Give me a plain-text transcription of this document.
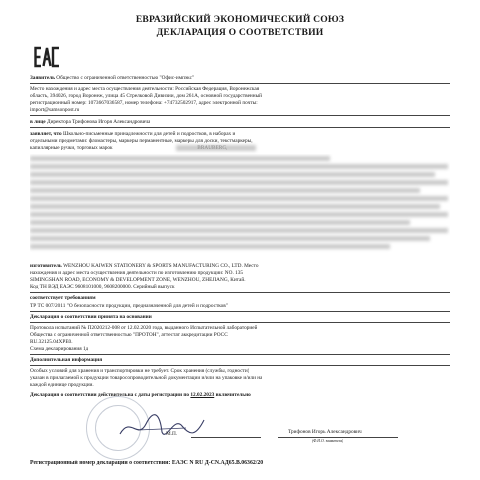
ЕВРАЗИЙСКИЙ ЭКОНОМИЧЕСКИЙ СОЮЗ
ДЕКЛАРАЦИЯ О СООТВЕТСТВИИ
Заявитель Общество с ограниченной ответственностью "Офис-импэкс"
Место нахождения и адрес места осуществления деятельности: Российская Федерация, Воронежская
область, 394026, город Воронеж, улица 45 Стрелковой Дивизии, дом 261А, основной государственный
регистрационный номер: 1073667036587, номер телефона: +74732502917, адрес электронной почты:
import@samsonpost.ru
в лице Директора Трифонова Игоря Александровича
заявляет, что Школьно-письменные принадлежности для детей и подростков, в наборах и
отдельными предметами: фломастеры, маркеры перманентные, маркеры для доски, текстмаркеры,
капиллярные ручки, торговых марок
изготовитель WENZHOU KAIWEN STATIONERY & SPORTS MANUFACTURING CO., LTD. Место
нахождения и адрес места осуществления деятельности по изготовлению продукции: NO. 135
SIMINGSHAN ROAD, ECONOMY & DEVELOPMENT ZONE, WENZHOU, ZHEJIANG, Китай.
Код ТН ВЭД ЕАЭС 9608101000, 9608200000. Серийный выпуск
соответствует требованиям
ТР ТС 007/2011 "О безопасности продукции, предназначенной для детей и подростков"
Декларация о соответствии принята на основании
Протокола испытаний № П2020212-008 от 12.02.2020 года, выданного Испытательной лабораторией
Общества с ограниченной ответственностью "ПРОТОН", аттестат аккредитации РОСС
RU.32125.04ХРЕ0.
Схема декларирования 1д
Дополнительная информация
Особых условий для хранения и транспортировки не требует. Срок хранения (службы, годности)
указан в прилагаемой к продукции товаросопроводительной документации и/или на упаковке и/или на
каждой единице продукции.
Декларация о соответствии действительна с даты регистрации по 12.02.2023 включительно
М.П.	Трифонов Игорь Александрович
(Ф.И.О. заявителя)
Регистрационный номер декларации о соответствии: ЕАЭС N RU Д-CN.АД65.В.06362/20
